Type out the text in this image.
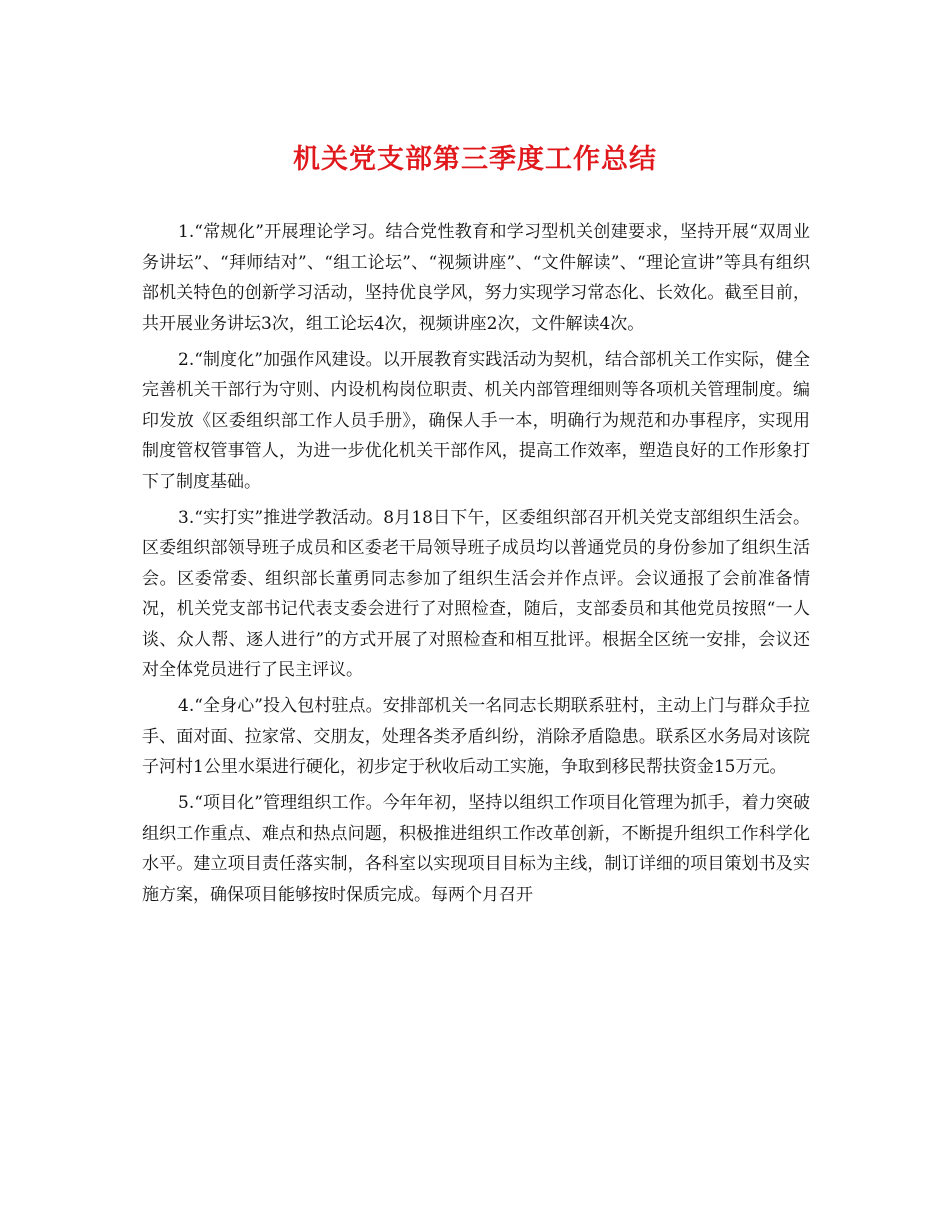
机关党支部第三季度工作总结

1.“常规化”开展理论学习。结合党性教育和学习型机关创建要求，坚持开展“双周业务讲坛”、“拜师结对”、“组工论坛”、“视频讲座”、“文件解读”、“理论宣讲”等具有组织部机关特色的创新学习活动，坚持优良学风，努力实现学习常态化、长效化。截至目前，共开展业务讲坛3次，组工论坛4次，视频讲座2次，文件解读4次。

2.“制度化”加强作风建设。以开展教育实践活动为契机，结合部机关工作实际，健全完善机关干部行为守则、内设机构岗位职责、机关内部管理细则等各项机关管理制度。编印发放《区委组织部工作人员手册》，确保人手一本，明确行为规范和办事程序，实现用制度管权管事管人，为进一步优化机关干部作风，提高工作效率，塑造良好的工作形象打下了制度基础。

3.“实打实”推进学教活动。8月18日下午，区委组织部召开机关党支部组织生活会。区委组织部领导班子成员和区委老干局领导班子成员均以普通党员的身份参加了组织生活会。区委常委、组织部长董勇同志参加了组织生活会并作点评。会议通报了会前准备情况，机关党支部书记代表支委会进行了对照检查，随后，支部委员和其他党员按照“一人谈、众人帮、逐人进行”的方式开展了对照检查和相互批评。根据全区统一安排，会议还对全体党员进行了民主评议。

4.“全身心”投入包村驻点。安排部机关一名同志长期联系驻村，主动上门与群众手拉手、面对面、拉家常、交朋友，处理各类矛盾纠纷，消除矛盾隐患。联系区水务局对该院子河村1公里水渠进行硬化，初步定于秋收后动工实施，争取到移民帮扶资金15万元。

5.“项目化”管理组织工作。今年年初，坚持以组织工作项目化管理为抓手，着力突破组织工作重点、难点和热点问题，积极推进组织工作改革创新，不断提升组织工作科学化水平。建立项目责任落实制，各科室以实现项目目标为主线，制订详细的项目策划书及实施方案，确保项目能够按时保质完成。每两个月召开
